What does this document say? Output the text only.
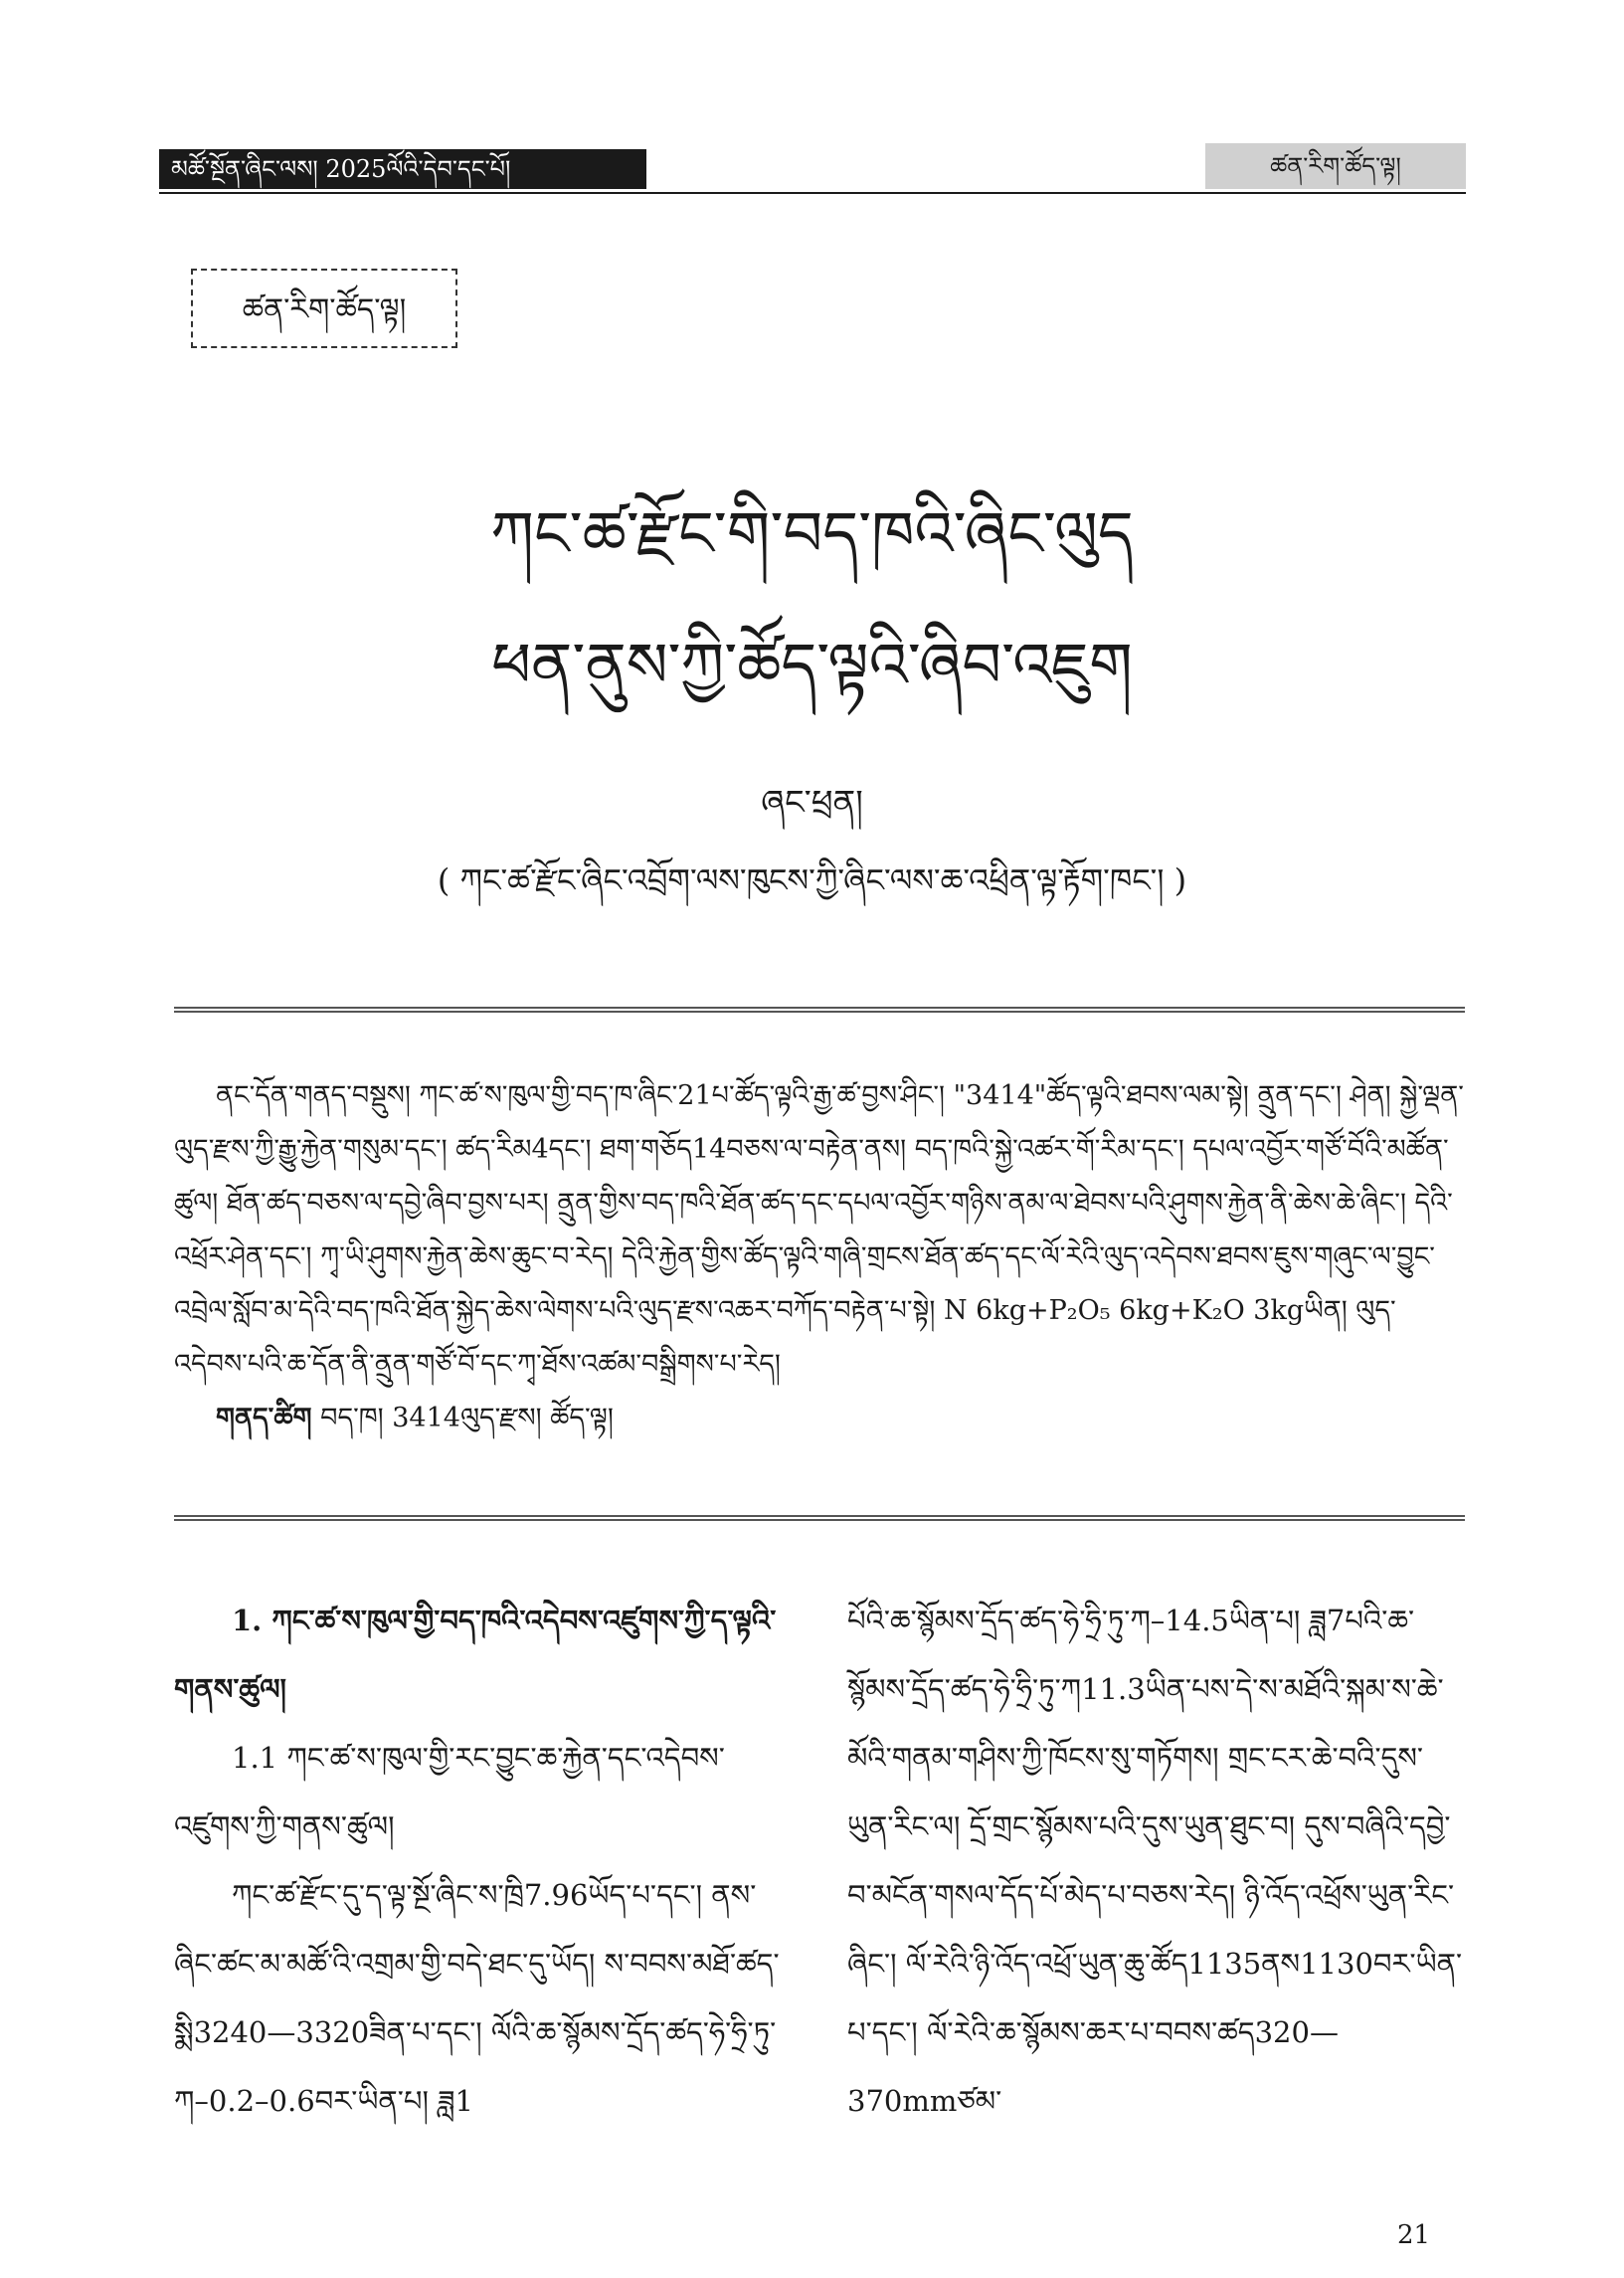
མཚོ་སྔོན་ཞིང་ལས། 2025ལོའི་དེབ་དང་པོ།	ཚན་རིག་ཚོད་ལྟ།
ཚན་རིག་ཚོད་ལྟ།
ཀང་ཚ་རྫོང་གི་བད་ཁའི་ཞིང་ལུད
ཕན་ནུས་ཀྱི་ཚོད་ལྟའི་ཞིབ་འཇུག
ཞང་ཕྲན།
( ཀང་ཚ་རྫོང་ཞིང་འབྲོག་ལས་ཁུངས་ཀྱི་ཞིང་ལས་ཆ་འཕྲིན་ལྟ་རྟོག་ཁང་། )

ནང་དོན་གནད་བསྡུས། ཀང་ཚ་ས་ཁུལ་གྱི་བད་ཁ་ཞིང་21པ་ཚོད་ལྟའི་རྒྱ་ཚ་བྱས་ཤིང་། "3414"ཚོད་ལྟའི་ཐབས་ལམ་སྟེ། ནྲུན་དང་། ཤེན། སྐྱེ་ལྡན་ལུད་རྫས་ཀྱི་རྒྱུ་རྐྱེན་གསུམ་དང་། ཚད་རིམ4དང་། ཐག་གཅོད14བཅས་ལ་བརྟེན་ནས། བད་ཁའི་སྐྱེ་འཚར་གོ་རིམ་དང་། དཔལ་འབྱོར་གཙོ་བོའི་མཚོན་ཚུལ། ཐོན་ཚད་བཅས་ལ་དབྱེ་ཞིབ་བྱས་པར། ནྲུན་གྱིས་བད་ཁའི་ཐོན་ཚད་དང་དཔལ་འབྱོར་གཉིས་ནམ་ལ་ཐེབས་པའི་ཤུགས་རྐྱེན་ནི་ཆེས་ཆེ་ཞིང་། དེའི་འཕྲོར་ཤེན་དང་། ཀྭ་ཡི་ཤུགས་རྐྱེན་ཆེས་ཆུང་བ་རེད། དེའི་རྐྱེན་གྱིས་ཚོད་ལྟའི་གཞི་གྲངས་ཐོན་ཚད་དང་ལོ་རེའི་ལུད་འདེབས་ཐབས་ཇུས་གཞུང་ལ་བྱུང་འབྲེལ་སློབ་མ་དེའི་བད་ཁའི་ཐོན་སྐྱེད་ཆེས་ལེགས་པའི་ལུད་རྫས་འཆར་བཀོད་བརྟེན་པ་སྟེ། N 6kg+P₂O₅ 6kg+K₂O 3kgཡིན། ལུད་འདེབས་པའི་ཆ་དོན་ནི་ནྲུན་གཙོ་བོ་དང་ཀྭ་ཐོས་འཚམ་བསྒྲིགས་པ་རེད།

གནད་ཚིག བད་ཁ། 3414ལུད་རྫས། ཚོད་ལྟ།

1. ཀང་ཚ་ས་ཁུལ་གྱི་བད་ཁའི་འདེབས་འཛུགས་ཀྱི་ད་ལྟའི་གནས་ཚུལ།

1.1 ཀང་ཚ་ས་ཁུལ་གྱི་རང་བྱུང་ཆ་རྐྱེན་དང་འདེབས་འཛུགས་ཀྱི་གནས་ཚུལ།

ཀང་ཚ་རྫོང་དུ་ད་ལྟ་སྔོ་ཞིང་ས་ཁྲི7.96ཡོད་པ་དང་། ནས་ཞིང་ཚང་མ་མཚོ་འི་འགྲམ་གྱི་བདེ་ཐང་དུ་ཡོད། ས་བབས་མཐོ་ཚད་སྨི3240—3320ཟིན་པ་དང་། ལོའི་ཆ་སྙོམས་དྲོད་ཚད་ཧེ་ཧྲི་ཏུ་ཀ–0.2–0.6བར་ཡིན་པ། ཟླ1

པོའི་ཆ་སྙོམས་དྲོད་ཚད་ཧེ་ཧྲི་ཏུ་ཀ–14.5ཡིན་པ། ཟླ7པའི་ཆ་སྙོམས་དྲོད་ཚད་ཧེ་ཧྲི་ཏུ་ཀ11.3ཡིན་པས་དེ་ས་མཐོའི་སྐམ་ས་ཆེ་མོའི་གནམ་གཤིས་ཀྱི་ཁོངས་སུ་གཏོགས། གྲང་ངར་ཆེ་བའི་དུས་ཡུན་རིང་ལ། དྲོ་གྲང་སྙོམས་པའི་དུས་ཡུན་ཐུང་བ། དུས་བཞིའི་དབྱེ་བ་མངོན་གསལ་དོད་པོ་མེད་པ་བཅས་རེད། ཉི་འོད་འཕྲོས་ཡུན་རིང་ཞིང་། ལོ་རེའི་ཉི་འོད་འཕྲོ་ཡུན་ཆུ་ཚོད1135ནས1130བར་ཡིན་པ་དང་། ལོ་རེའི་ཆ་སྙོམས་ཆར་པ་བབས་ཚད320—370mmཙམ་

21
